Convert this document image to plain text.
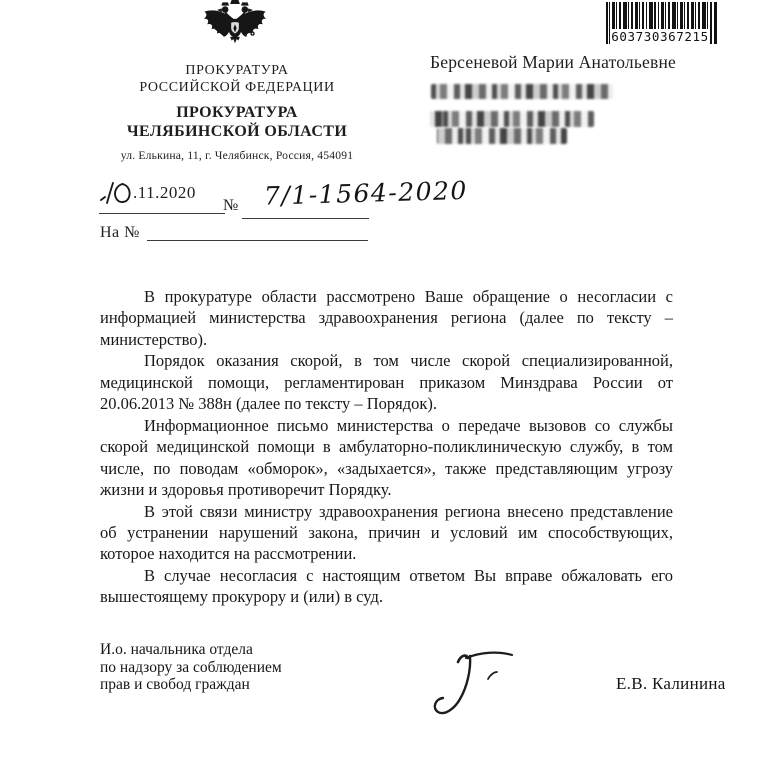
ПРОКУРАТУРА
РОССИЙСКОЙ ФЕДЕРАЦИИ
ПРОКУРАТУРА
ЧЕЛЯБИНСКОЙ ОБЛАСТИ
ул. Елькина, 11, г. Челябинск, Россия, 454091
.11.2020
№ 7/1-1564-2020
На №
603730367215
Берсеневой Марии Анатольевне

В прокуратуре области рассмотрено Ваше обращение о несогласии с информацией министерства здравоохранения региона (далее по тексту – министерство).

Порядок оказания скорой, в том числе скорой специализированной, медицинской помощи, регламентирован приказом Минздрава России от 20.06.2013 № 388н (далее по тексту – Порядок).

Информационное письмо министерства о передаче вызовов со службы скорой медицинской помощи в амбулаторно-поликлиническую службу, в том числе, по поводам «обморок», «задыхается», также представляющим угрозу жизни и здоровья противоречит Порядку.

В этой связи министру здравоохранения региона внесено представление об устранении нарушений закона, причин и условий им способствующих, которое находится на рассмотрении.

В случае несогласия с настоящим ответом Вы вправе обжаловать его вышестоящему прокурору и (или) в суд.

И.о. начальника отдела
по надзору за соблюдением
прав и свобод граждан	Е.В. Калинина
